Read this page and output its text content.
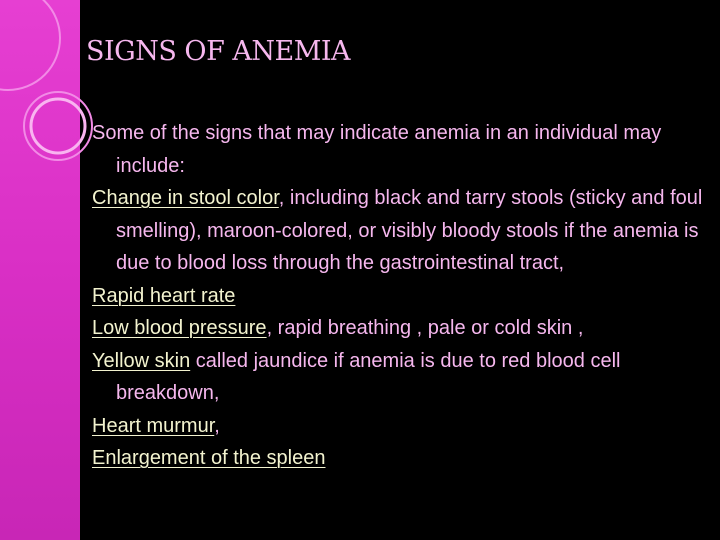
SIGNS OF ANEMIA

Some of the signs that may indicate anemia in an individual may include:

Change in stool color, including black and tarry stools (sticky and foul smelling), maroon-colored, or visibly bloody stools if the anemia is due to blood loss through the gastrointestinal tract,

Rapid heart rate

Low blood pressure, rapid breathing , pale or cold skin ,

Yellow skin called jaundice if anemia is due to red blood cell breakdown,

Heart murmur,

Enlargement of the spleen
